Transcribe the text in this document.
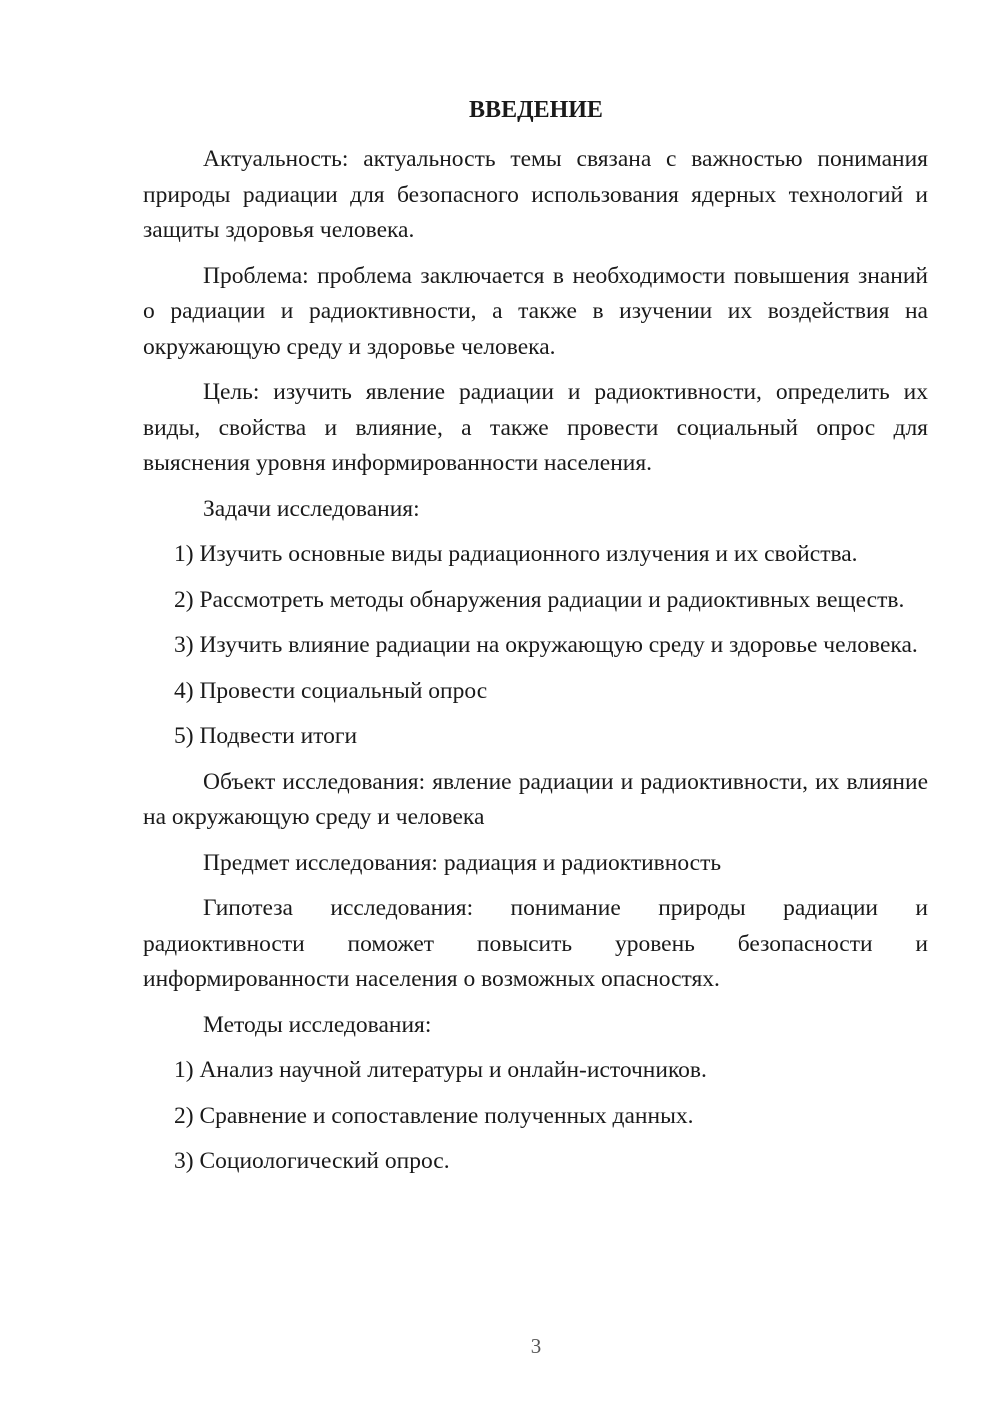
ВВЕДЕНИЕ

Актуальность: актуальность темы связана с важностью понимания природы радиации для безопасного использования ядерных технологий и защиты здоровья человека.

Проблема: проблема заключается в необходимости повышения знаний о радиации и радиоктивности, а также в изучении их воздействия на окружающую среду и здоровье человека.

Цель: изучить явление радиации и радиоктивности, определить их виды, свойства и влияние, а также провести социальный опрос для выяснения уровня информированности населения.

Задачи исследования:

1) Изучить основные виды радиационного излучения и их свойства.

2) Рассмотреть методы обнаружения радиации и радиоктивных веществ.

3) Изучить влияние радиации на окружающую среду и здоровье человека.

4) Провести социальный опрос

5) Подвести итоги

Объект исследования: явление радиации и радиоктивности, их влияние на окружающую среду и человека

Предмет исследования: радиация и радиоктивность

Гипотеза исследования: понимание природы радиации и радиоктивности поможет повысить уровень безопасности и информированности населения о возможных опасностях.

Методы исследования:

1) Анализ научной литературы и онлайн-источников.

2) Сравнение и сопоставление полученных данных.

3) Социологический опрос.

3
